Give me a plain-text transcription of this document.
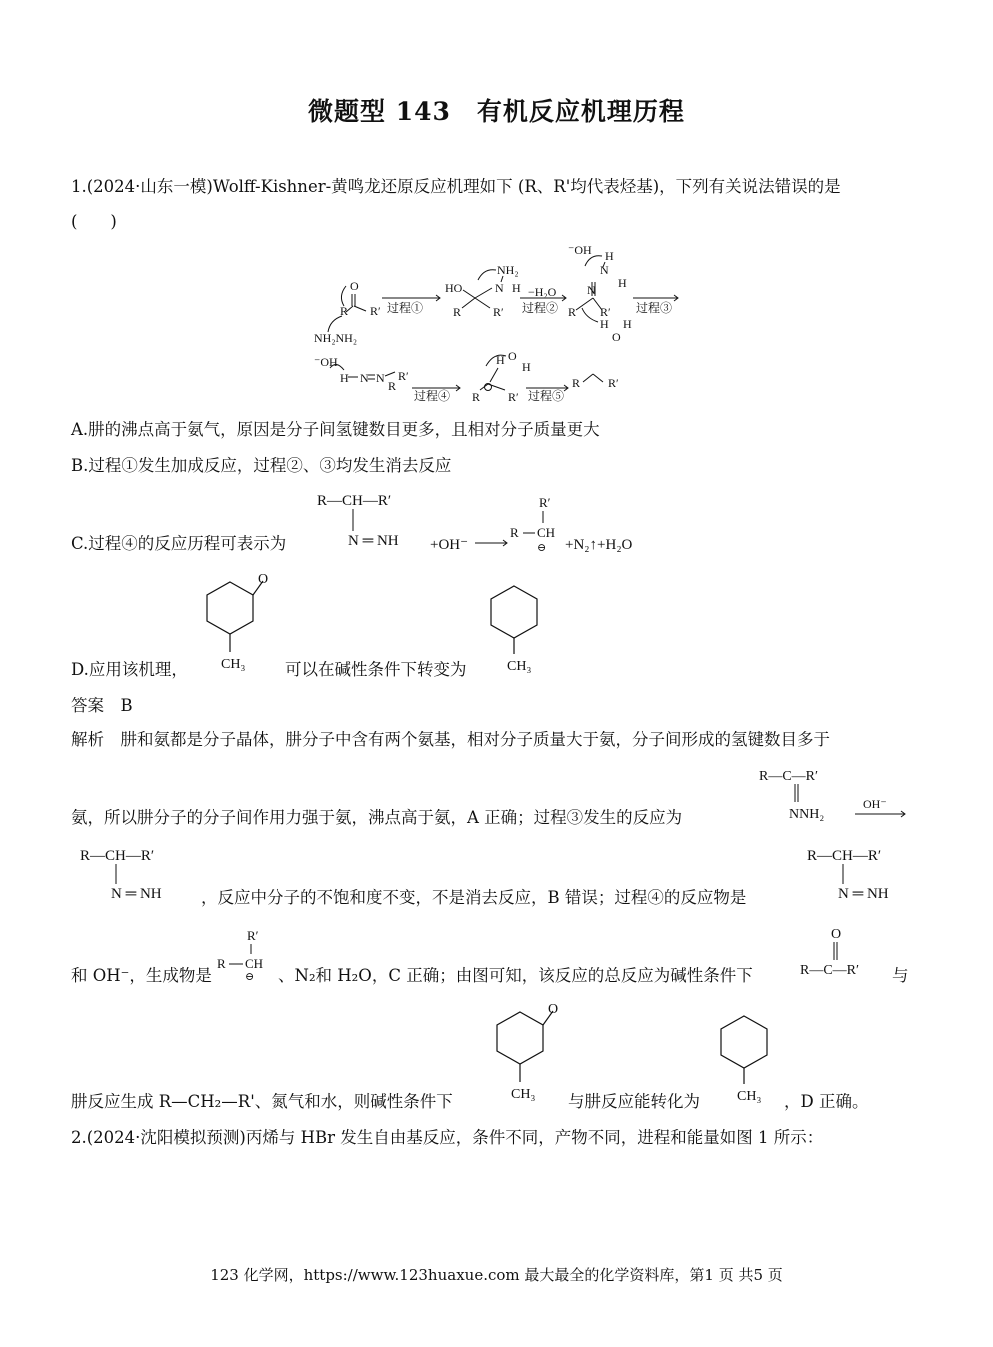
微题型 143　有机反应机理历程
1.(2024·山东一模)Wolff-Kishner-黄鸣龙还原反应机理如下 (R、R'均代表烃基)，下列有关说法错误的是
(　　)
O
R R′
NH₂NH₂
过程①
HO
NH₂
N H
R	R′
−H₂O
过程②
⁻OH H
N
H
N
R R′
H H
O
过程③
⁻OH
H N N R′
R
过程④
H O
H
R R′ 过程⑤
R R′
A.肼的沸点高于氨气，原因是分子间氢键数目更多，且相对分子质量更大
B.过程①发生加成反应，过程②、③均发生消去反应
C.过程④的反应历程可表示为
R—CH—R′
N ═ NH +OH⁻
R
R′
CH
⊖ +N₂↑+H₂O
D.应用该机理，
O
CH₃ 可以在碱性条件下转变为	CH₃
答案　B
解析　肼和氨都是分子晶体，肼分子中含有两个氨基，相对分子质量大于氨，分子间形成的氢键数目多于
R—C—R′
NNH₂
OH⁻
氨，所以肼分子的分子间作用力强于氨，沸点高于氨，A 正确；过程③发生的反应为
R—CH—R′
N ═ NH ，反应中分子的不饱和度不变，不是消去反应，B 错误；过程④的反应物是
R—CH—R′
N ═ NH
和 OH⁻，生成物是
R
R′
CH
⊖ 、N₂和 H₂O，C 正确；由图可知，该反应的总反应为碱性条件下
O
R—C—R′ 与
肼反应生成 R—CH₂—R'、氮气和水，则碱性条件下
O
CH₃ 与肼反应能转化为	CH₃ ，D 正确。
2.(2024·沈阳模拟预测)丙烯与 HBr 发生自由基反应，条件不同，产物不同，进程和能量如图 1 所示：
123 化学网，https://www.123huaxue.com 最大最全的化学资料库，第1 页 共5 页
